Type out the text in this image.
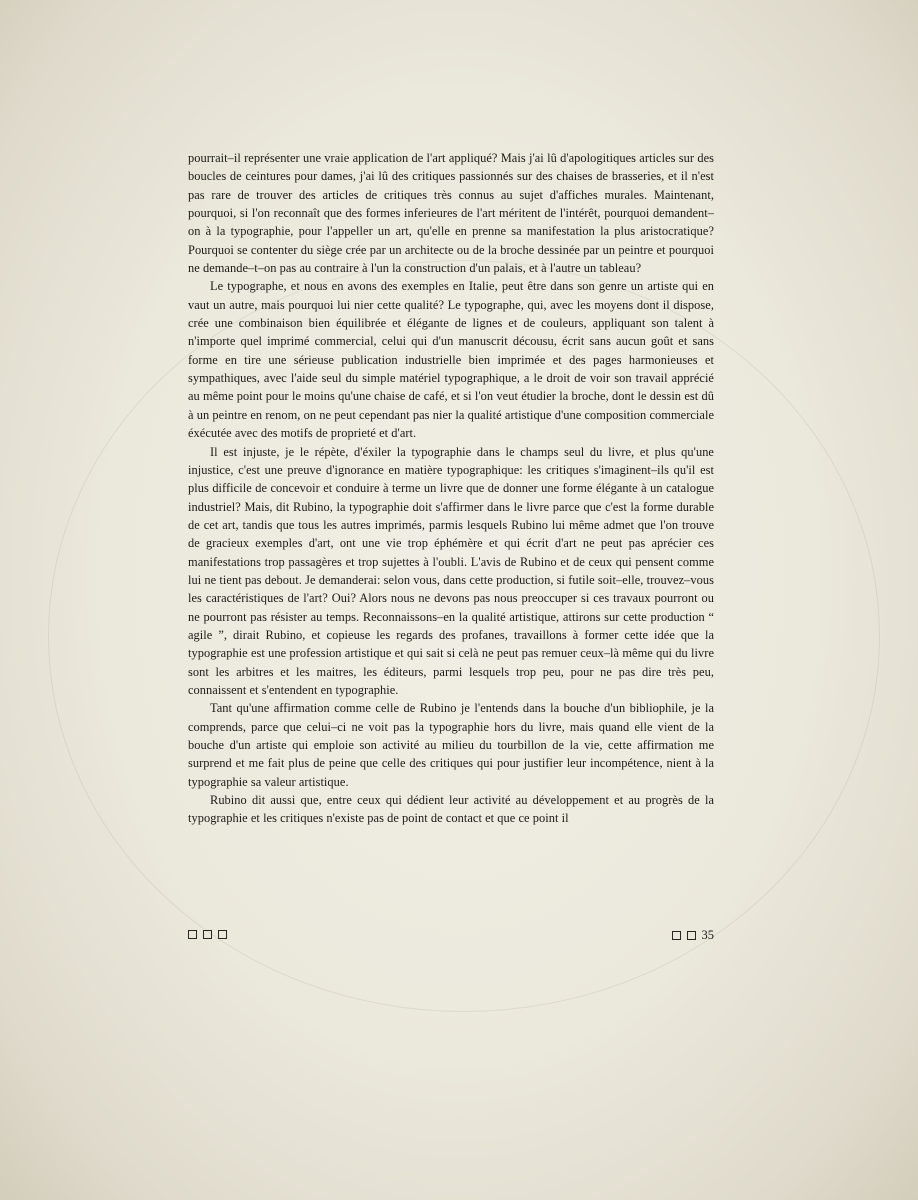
pourrait–il représenter une vraie application de l'art appliqué? Mais j'ai lû d'apologitiques articles sur des boucles de ceintures pour dames, j'ai lû des critiques passionnés sur des chaises de brasseries, et il n'est pas rare de trouver des articles de critiques très connus au sujet d'affiches murales. Maintenant, pourquoi, si l'on reconnaît que des formes inferieures de l'art méritent de l'intérêt, pourquoi demandent–on à la typographie, pour l'appeller un art, qu'elle en prenne sa manifestation la plus aristocratique? Pourquoi se contenter du siège crée par un architecte ou de la broche dessinée par un peintre et pourquoi ne demande–t–on pas au contraire à l'un la construction d'un palais, et à l'autre un tableau?

Le typographe, et nous en avons des exemples en Italie, peut être dans son genre un artiste qui en vaut un autre, mais pourquoi lui nier cette qualité? Le typographe, qui, avec les moyens dont il dispose, crée une combinaison bien équilibrée et élégante de lignes et de couleurs, appliquant son talent à n'importe quel imprimé commercial, celui qui d'un manuscrit décousu, écrit sans aucun goût et sans forme en tire une sérieuse publication industrielle bien imprimée et des pages harmonieuses et sympathiques, avec l'aide seul du simple matériel typographique, a le droit de voir son travail apprécié au même point pour le moins qu'une chaise de café, et si l'on veut étudier la broche, dont le dessin est dû à un peintre en renom, on ne peut cependant pas nier la qualité artistique d'une composition commerciale éxécutée avec des motifs de proprieté et d'art.

Il est injuste, je le répète, d'éxiler la typographie dans le champs seul du livre, et plus qu'une injustice, c'est une preuve d'ignorance en matière typographique: les critiques s'imaginent–ils qu'il est plus difficile de concevoir et conduire à terme un livre que de donner une forme élégante à un catalogue industriel? Mais, dit Rubino, la typographie doit s'affirmer dans le livre parce que c'est la forme durable de cet art, tandis que tous les autres imprimés, parmis lesquels Rubino lui même admet que l'on trouve de gracieux exemples d'art, ont une vie trop éphémère et qui écrit d'art ne peut pas aprécier ces manifestations trop passagères et trop sujettes à l'oubli. L'avis de Rubino et de ceux qui pensent comme lui ne tient pas debout. Je demanderai: selon vous, dans cette production, si futile soit–elle, trouvez–vous les caractéristiques de l'art? Oui? Alors nous ne devons pas nous preoccuper si ces travaux pourront ou ne pourront pas résister au temps. Reconnaissons–en la qualité artistique, attirons sur cette production “ agile ”, dirait Rubino, et copieuse les regards des profanes, travaillons à former cette idée que la typographie est une profession artistique et qui sait si celà ne peut pas remuer ceux–là même qui du livre sont les arbitres et les maitres, les éditeurs, parmi lesquels trop peu, pour ne pas dire très peu, connaissent et s'entendent en typographie.

Tant qu'une affirmation comme celle de Rubino je l'entends dans la bouche d'un bibliophile, je la comprends, parce que celui–ci ne voit pas la typographie hors du livre, mais quand elle vient de la bouche d'un artiste qui emploie son activité au milieu du tourbillon de la vie, cette affirmation me surprend et me fait plus de peine que celle des critiques qui pour justifier leur incompétence, nient à la typographie sa valeur artistique.

Rubino dit aussi que, entre ceux qui dédient leur activité au développement et au progrès de la typographie et les critiques n'existe pas de point de contact et que ce point il

35
